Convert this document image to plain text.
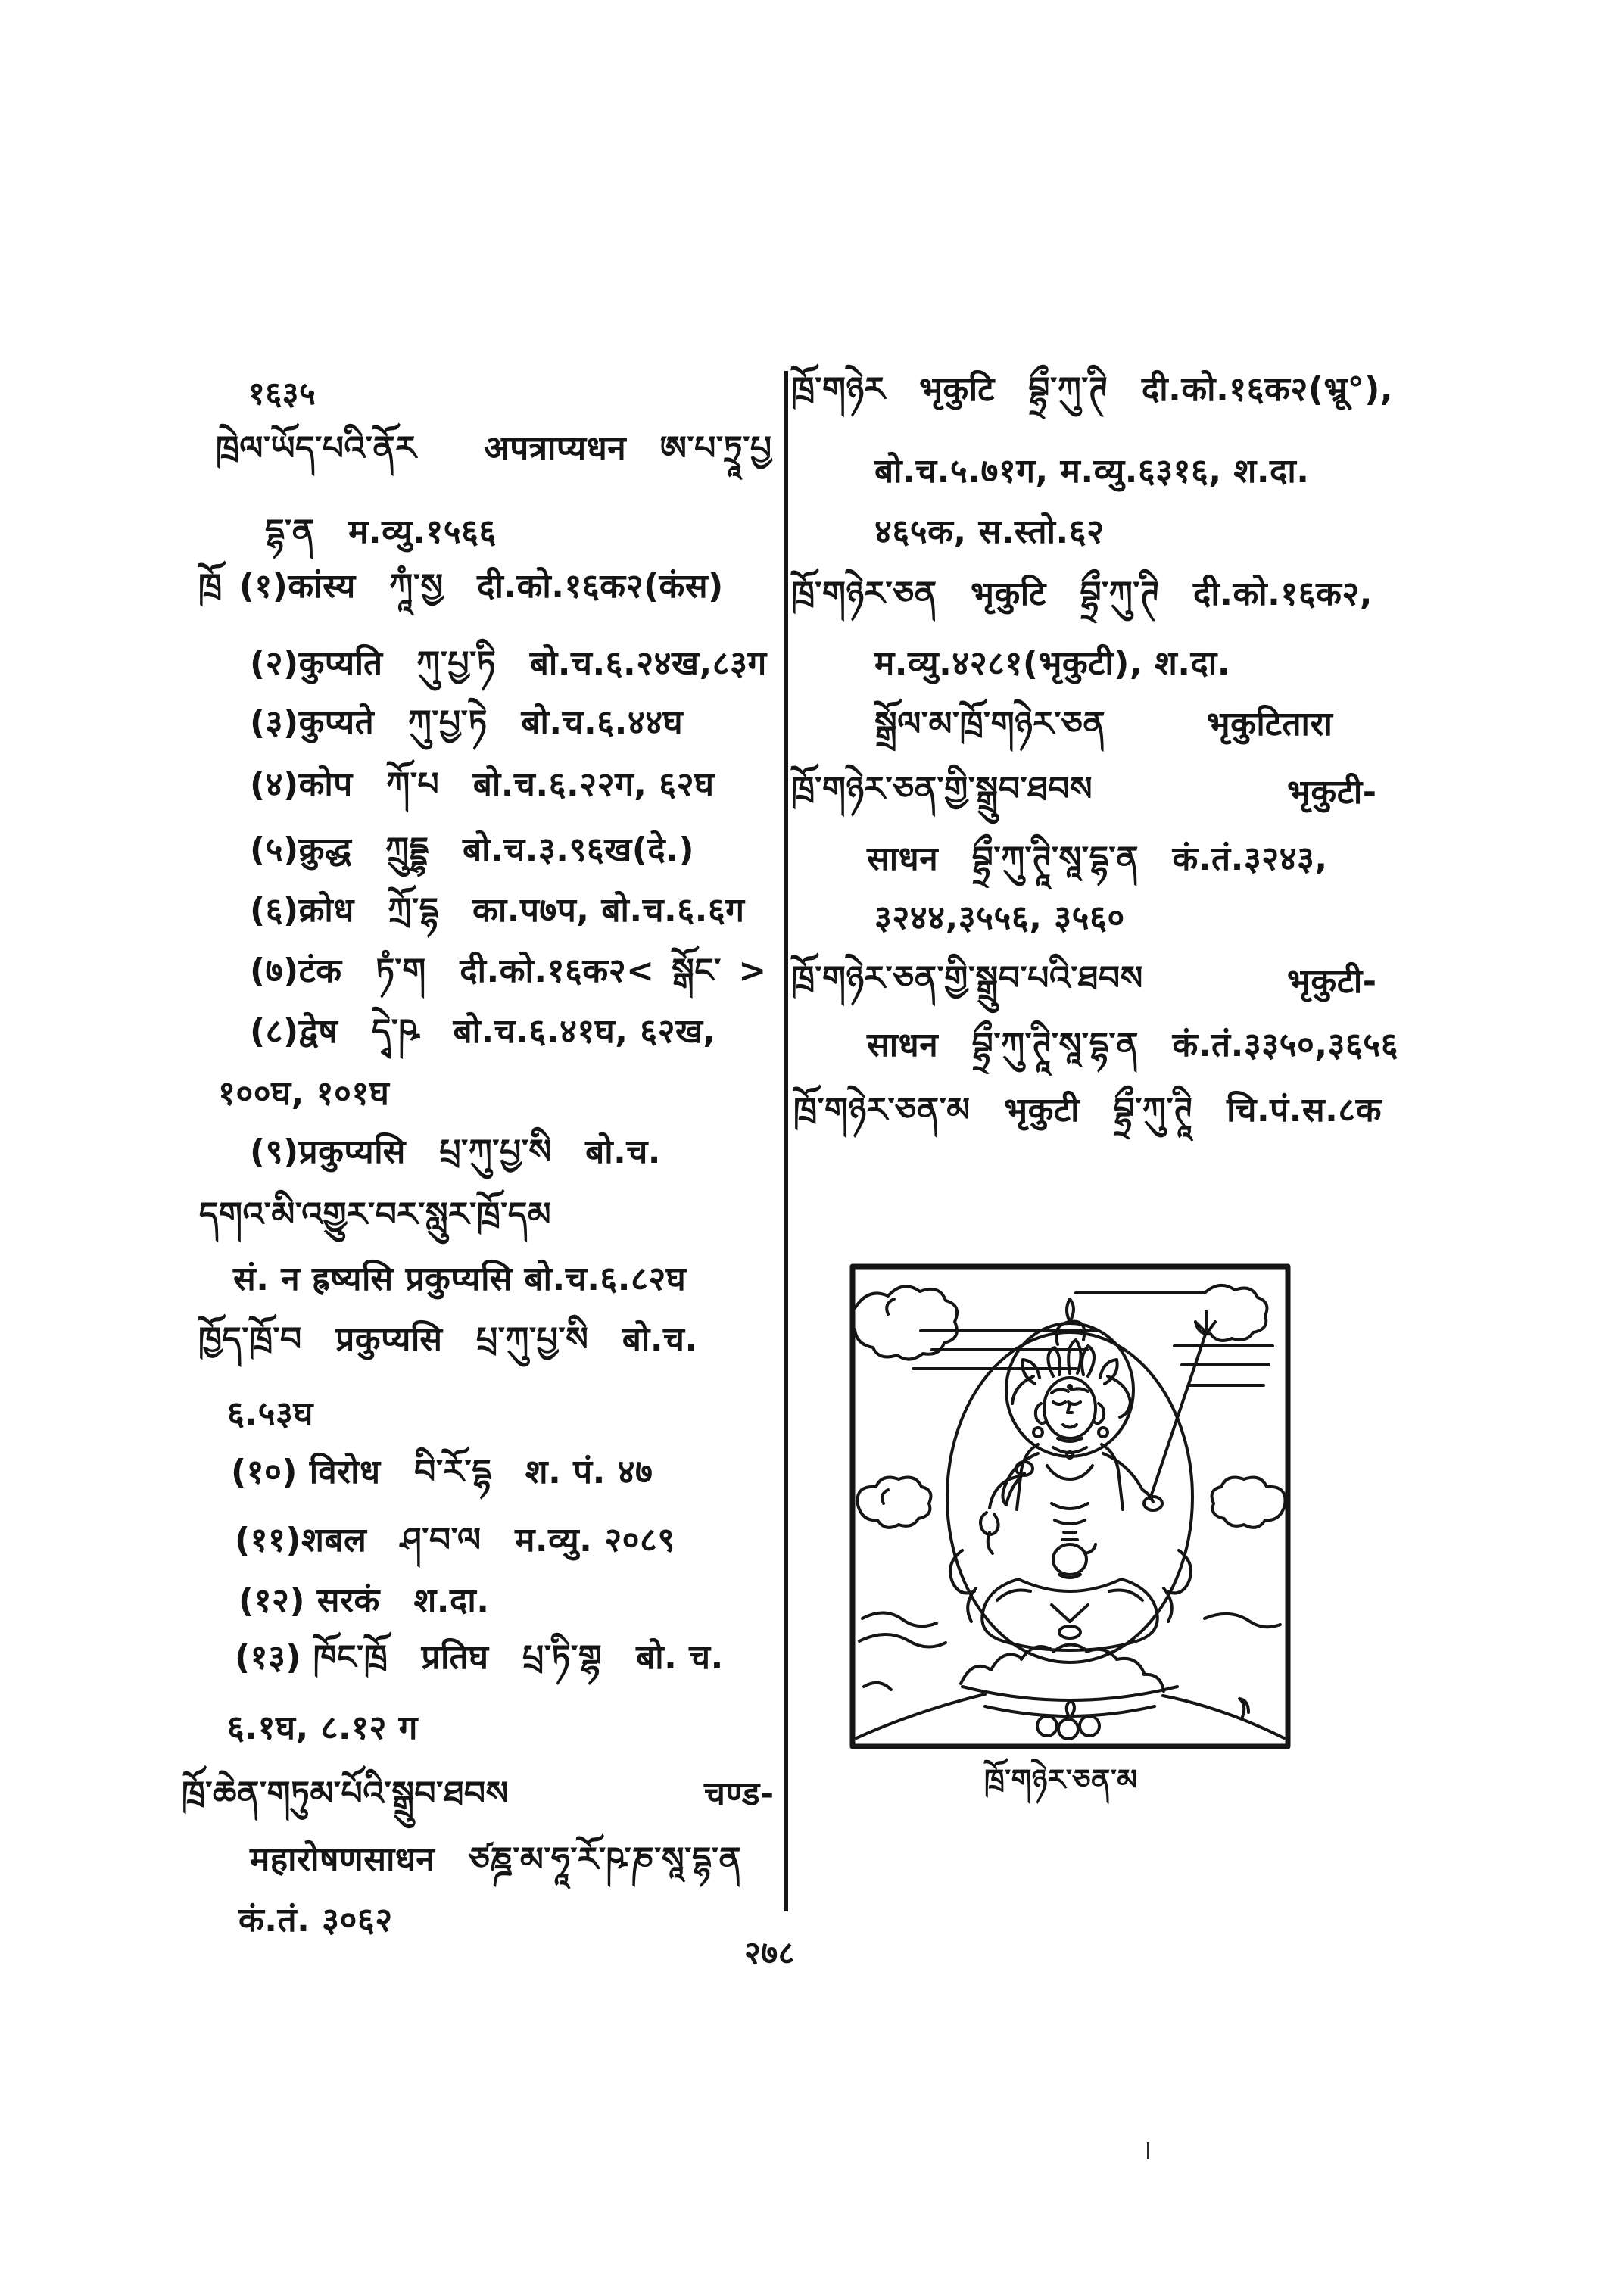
१६३५
ཁྲེལ་ཡོད་པའི་ནོར  अपत्राप्यधन ཨ་པ་ཏྲཱ་པྱ
དྷ་ན म.व्यु.१५६६
ཁྲོ (१)कांस्य ཀཱཾ་སྱ दी.को.१६क२(कंस)
(२)कुप्यति ཀུ་པྱ་ཏི बो.च.६.२४ख,८३ग
(३)कुप्यते ཀུ་པྱ་ཏེ बो.च.६.४४घ
(४)कोप ཀོ་པ बो.च.६.२२ग, ६२घ
(५)क्रुद्ध ཀྲུདྡྷ बो.च.३.९६ख(दे.)
(६)क्रोध ཀྲོ་དྷ का.प७प, बो.च.६.६ग
(७)टंक ཏཾ་ག दी.को.१६क२< སྒོང་ >
(८)द्वेष དྭེ་ཥ बो.च.६.४१घ, ६२ख,
१००घ, १०१घ
(९)प्रकुप्यसि པྲ་ཀུ་པྱ་སི बो.च.
དགའ་མི་འགྱུར་བར་སླུར་ཁྲོ་དམ
सं. न ह्रष्यसि प्रकुप्यसि बो.च.६.८२घ
ཁྱོད་ཁྲོ་བ प्रकुप्यसि པྲ་ཀུ་པྱ་སི बो.च.
६.५३घ
(१०) विरोध བི་རོ་དྷ श. पं. ४७
(११)शबल ཤ་བ་ལ म.व्यु. २०८९
(१२) सरकं श.दा.
(१३) ཁོང་ཁྲོ प्रतिघ པྲ་ཏི་གྷ बो. च.
६.१घ, ८.१२ ग
ཁྲོ་ཆེན་གཏུམ་པོའི་སྒྲུབ་ཐབས	चण्ड-
महारोषणसाधन ཙཎྜ་མ་ཧཱ་རོ་ཥ་ཎ་སཱ་དྷ་ན
कं.तं. ३०६२
ཁྲོ་གཉེར भृकुटि བྷྲྀ་ཀུ་ཊི दी.को.१६क२(भ्रू°),
बो.च.५.७१ग, म.व्यु.६३१६, श.दा.
४६५क, स.स्तो.६२
ཁྲོ་གཉེར་ཅན भृकुटि བྷྲྀ་ཀུ་ཊི दी.को.१६क२,
म.व्यु.४२८१(भृकुटी), श.दा.
སྒྲོལ་མ་ཁྲོ་གཉེར་ཅན   भृकुटितारा
ཁྲོ་གཉེར་ཅན་གྱི་སྒྲུབ་ཐབས	भृकुटी-
साधन བྷྲྀ་ཀུ་ཊཱི་སཱ་དྷ་ན कं.तं.३२४३,
३२४४,३५५६, ३५६०
ཁྲོ་གཉེར་ཅན་གྱི་སྒྲུབ་པའི་ཐབས	भृकुटी-
साधन བྷྲྀ་ཀུ་ཊཱི་སཱ་དྷ་ན कं.तं.३३५०,३६५६
ཁྲོ་གཉེར་ཅན་མ भृकुटी བྷྲྀ་ཀུ་ཊཱི चि.पं.स.८क
ཁྲོ་གཉེར་ཅན་མ
२७८
